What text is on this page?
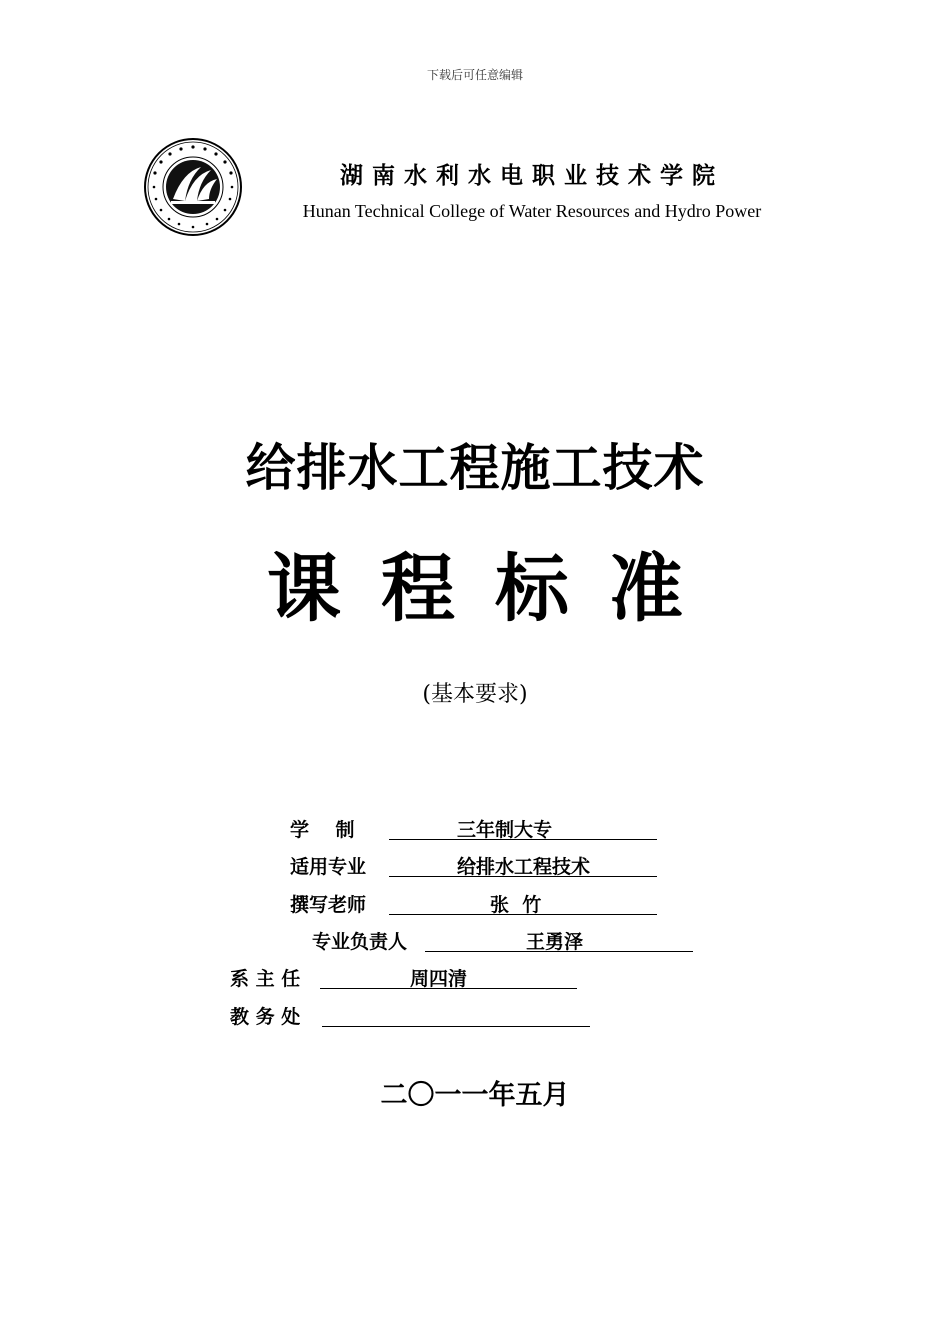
下载后可任意编辑
湖南水利水电职业技术学院
Hunan Technical College of Water Resources and Hydro Power
给排水工程施工技术
课程标准
(基本要求)
学    制	三年制大专
适用专业	给排水工程技术
撰写老师	张  竹
专业负责人	王勇泽
系 主 任	周四清
教 务 处
二〇一一年五月
